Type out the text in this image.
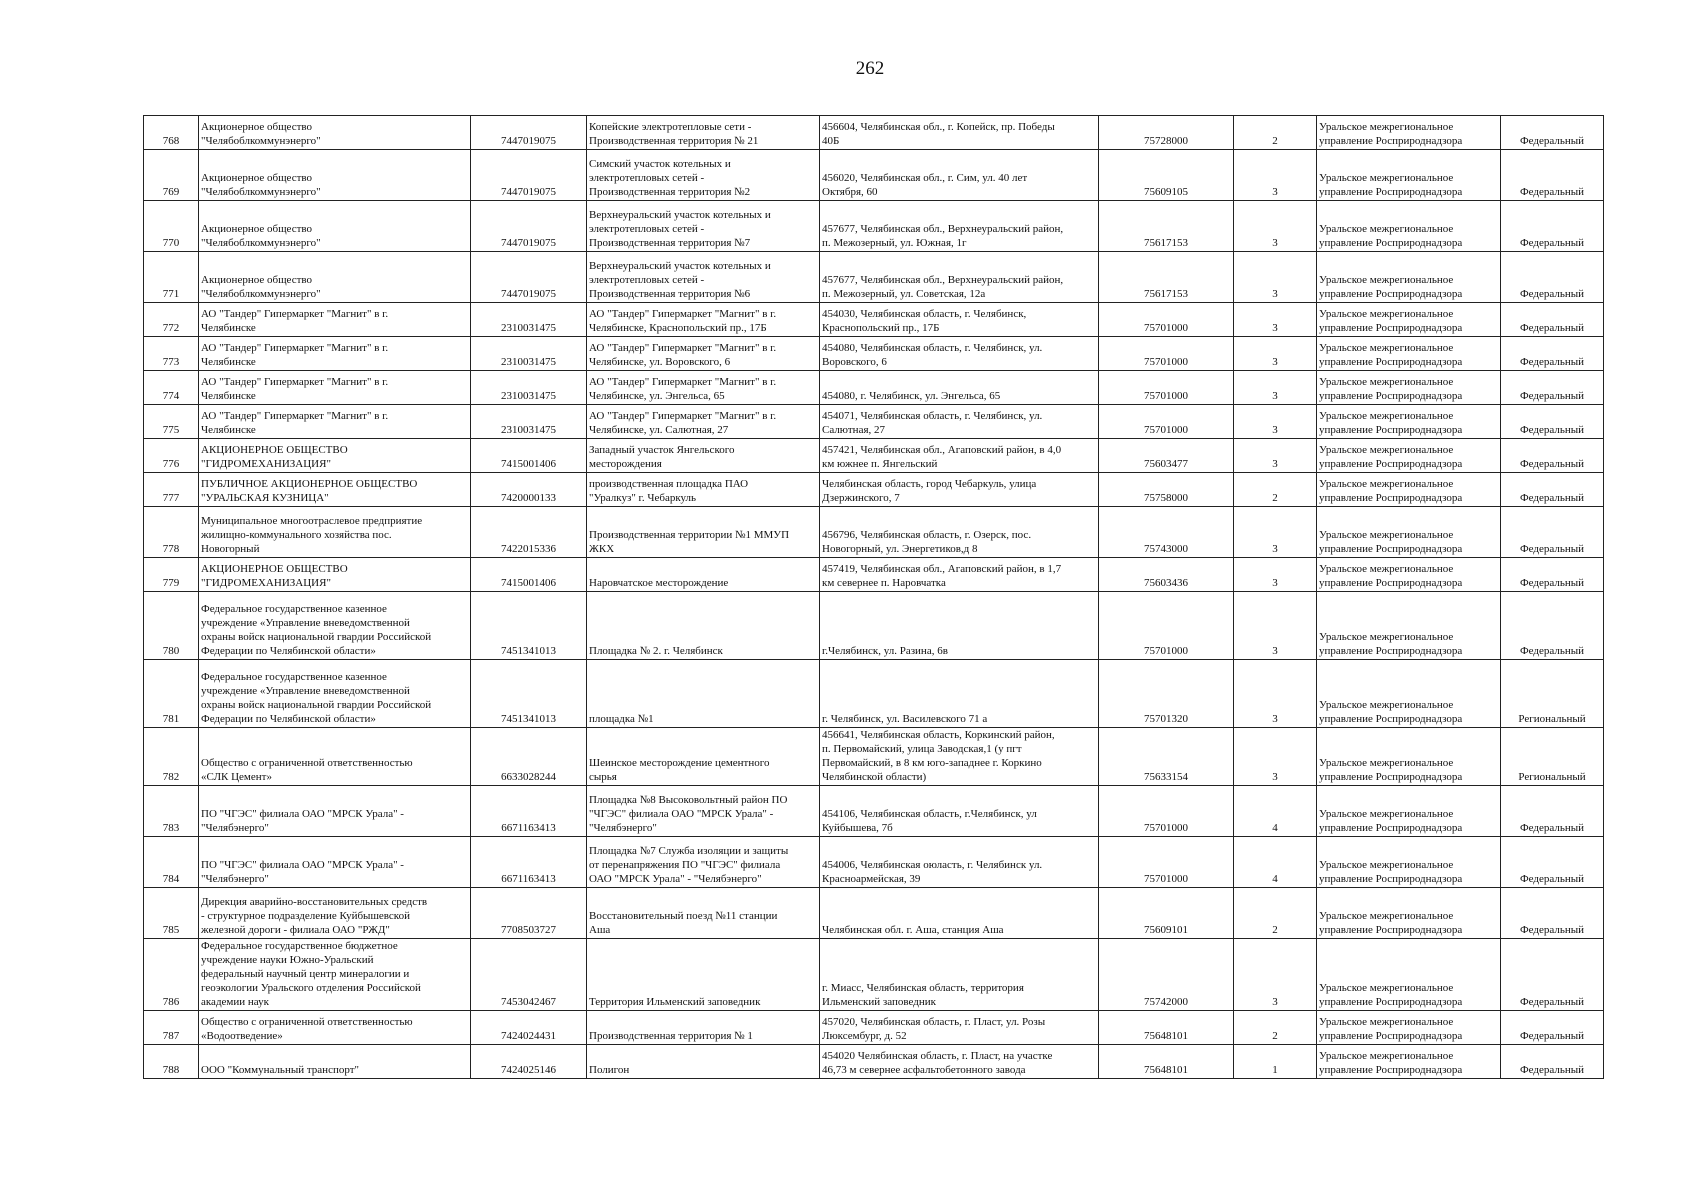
262
768	Акционерное общество
"Челябоблкоммунэнерго"	7447019075	Копейские электротепловые сети -
Производственная территория № 21	456604, Челябинская обл., г. Копейск, пр. Победы
40Б	75728000	2	Уральское межрегиональное
управление Росприроднадзора	Федеральный
769	Акционерное общество
"Челябоблкоммунэнерго"	7447019075	Симский участок котельных и
электротепловых сетей -
Производственная территория №2	456020, Челябинская обл., г. Сим, ул. 40 лет
Октября, 60	75609105	3	Уральское межрегиональное
управление Росприроднадзора	Федеральный
770	Акционерное общество
"Челябоблкоммунэнерго"	7447019075	Верхнеуральский участок котельных и
электротепловых сетей -
Производственная территория №7	457677, Челябинская обл., Верхнеуральский район,
п. Межозерный, ул. Южная, 1г	75617153	3	Уральское межрегиональное
управление Росприроднадзора	Федеральный
771	Акционерное общество
"Челябоблкоммунэнерго"	7447019075	Верхнеуральский участок котельных и
электротепловых сетей -
Производственная территория №6	457677, Челябинская обл., Верхнеуральский район,
п. Межозерный, ул. Советская, 12а	75617153	3	Уральское межрегиональное
управление Росприроднадзора	Федеральный
772	АО "Тандер" Гипермаркет "Магнит" в г.
Челябинске	2310031475	АО "Тандер" Гипермаркет "Магнит" в г.
Челябинске, Краснопольский пр., 17Б	454030, Челябинская область, г. Челябинск,
Краснопольский пр., 17Б	75701000	3	Уральское межрегиональное
управление Росприроднадзора	Федеральный
773	АО "Тандер" Гипермаркет "Магнит" в г.
Челябинске	2310031475	АО "Тандер" Гипермаркет "Магнит" в г.
Челябинске, ул. Воровского, 6	454080, Челябинская область, г. Челябинск, ул.
Воровского, 6	75701000	3	Уральское межрегиональное
управление Росприроднадзора	Федеральный
774	АО "Тандер" Гипермаркет "Магнит" в г.
Челябинске	2310031475	АО "Тандер" Гипермаркет "Магнит" в г.
Челябинске, ул. Энгельса, 65	454080, г. Челябинск, ул. Энгельса, 65	75701000	3	Уральское межрегиональное
управление Росприроднадзора	Федеральный
775	АО "Тандер" Гипермаркет "Магнит" в г.
Челябинске	2310031475	АО "Тандер" Гипермаркет "Магнит" в г.
Челябинске, ул. Салютная, 27	454071, Челябинская область, г. Челябинск, ул.
Салютная, 27	75701000	3	Уральское межрегиональное
управление Росприроднадзора	Федеральный
776	АКЦИОНЕРНОЕ ОБЩЕСТВО
"ГИДРОМЕХАНИЗАЦИЯ"	7415001406	Западный участок Янгельского
месторождения	457421, Челябинская обл., Агаповский район, в 4,0
км южнее п. Янгельский	75603477	3	Уральское межрегиональное
управление Росприроднадзора	Федеральный
777	ПУБЛИЧНОЕ АКЦИОНЕРНОЕ ОБЩЕСТВО
"УРАЛЬСКАЯ КУЗНИЦА"	7420000133	производственная площадка ПАО
"Уралкуз" г. Чебаркуль	Челябинская область, город Чебаркуль, улица
Дзержинского, 7	75758000	2	Уральское межрегиональное
управление Росприроднадзора	Федеральный
778	Муниципальное многоотраслевое предприятие
жилищно-коммунального хозяйства пос.
Новогорный	7422015336	Производственная территории №1 ММУП
ЖКХ	456796, Челябинская область, г. Озерск, пос.
Новогорный, ул. Энергетиков,д 8	75743000	3	Уральское межрегиональное
управление Росприроднадзора	Федеральный
779	АКЦИОНЕРНОЕ ОБЩЕСТВО
"ГИДРОМЕХАНИЗАЦИЯ"	7415001406	Наровчатское месторождение	457419, Челябинская обл., Агаповский район, в 1,7
км севернее п. Наровчатка	75603436	3	Уральское межрегиональное
управление Росприроднадзора	Федеральный
780	Федеральное государственное казенное
учреждение «Управление вневедомственной
охраны войск национальной гвардии Российской
Федерации по Челябинской области»	7451341013	Площадка № 2. г. Челябинск	г.Челябинск, ул. Разина, 6в	75701000	3	Уральское межрегиональное
управление Росприроднадзора	Федеральный
781	Федеральное государственное казенное
учреждение «Управление вневедомственной
охраны войск национальной гвардии Российской
Федерации по Челябинской области»	7451341013	площадка №1	г. Челябинск, ул. Василевского 71 а	75701320	3	Уральское межрегиональное
управление Росприроднадзора	Региональный
782	Общество с ограниченной ответственностью
«СЛК Цемент»	6633028244	Шеинское месторождение цементного
сырья	456641, Челябинская область, Коркинский район,
п. Первомайский, улица Заводская,1 (у пгт
Первомайский, в 8 км юго-западнее г. Коркино
Челябинской области)	75633154	3	Уральское межрегиональное
управление Росприроднадзора	Региональный
783	ПО "ЧГЭС" филиала ОАО "МРСК Урала" -
"Челябэнерго"	6671163413	Площадка №8 Высоковольтный район ПО
"ЧГЭС" филиала ОАО "МРСК Урала" -
"Челябэнерго"	454106, Челябинская область, г.Челябинск, ул
Куйбышева, 7б	75701000	4	Уральское межрегиональное
управление Росприроднадзора	Федеральный
784	ПО "ЧГЭС" филиала ОАО "МРСК Урала" -
"Челябэнерго"	6671163413	Площадка №7 Служба изоляции и защиты
от перенапряжения ПО "ЧГЭС" филиала
ОАО "МРСК Урала" - "Челябэнерго"	454006, Челябинская оюласть, г. Челябинск ул.
Красноармейская, 39	75701000	4	Уральское межрегиональное
управление Росприроднадзора	Федеральный
785	Дирекция аварийно-восстановительных средств
- структурное подразделение Куйбышевской
железной дороги - филиала ОАО "РЖД"	7708503727	Восстановительный поезд №11 станции
Аша	Челябинская обл. г. Аша, станция Аша	75609101	2	Уральское межрегиональное
управление Росприроднадзора	Федеральный
786	Федеральное государственное бюджетное
учреждение науки Южно-Уральский
федеральный научный центр минералогии и
геоэкологии Уральского отделения Российской
академии наук	7453042467	Территория Ильменский заповедник	г. Миасс, Челябинская область, территория
Ильменский заповедник	75742000	3	Уральское межрегиональное
управление Росприроднадзора	Федеральный
787	Общество с ограниченной ответственностью
«Водоотведение»	7424024431	Производственная территория № 1	457020, Челябинская область, г. Пласт, ул. Розы
Люксембург, д. 52	75648101	2	Уральское межрегиональное
управление Росприроднадзора	Федеральный
788	ООО "Коммунальный транспорт"	7424025146	Полигон	454020 Челябинская область, г. Пласт, на участке
46,73 м севернее асфальтобетонного завода	75648101	1	Уральское межрегиональное
управление Росприроднадзора	Федеральный
